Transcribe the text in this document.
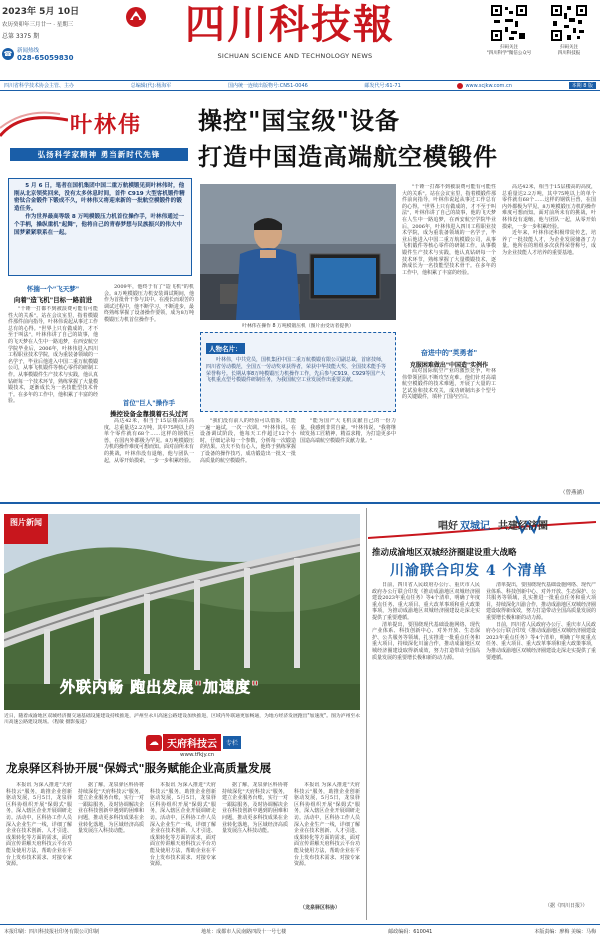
2023年 5月 10日
农历癸卯年三月廿一 · 星期三
总第 3375 期
☎ 新闻热线
028-65059830
四川科技報
SICHUAN SCIENCE AND TECHNOLOGY NEWS
扫码关注
"四川科学"微信公众号
扫码关注
四川科技报
四川省科学技术协会主管、主办	总编辑(代):杨海军	国内统一连续出版物号:CN51-0046	邮发代号:61-71	www.scjkw.com.cn	本期 8 版
叶林伟
弘扬科学家精神 勇当新时代先锋
操控"国宝级"设备
打造中国造高端航空模锻件

5 月 6 日，笔者在国机集团中国二重万航模锻见到叶林伟时，他刚从北京领奖回来，没有太多休息时间，首件 C919 大型客机锻件精密钛合金锻件下锻成不久，叶林伟又将迎来新的一批航空模锻件的锻造任务。

作为世界最高等级 8 万吨模锻压力机首位操作手，叶林伟通过一个手柄，操纵重机"起舞"，他将自己的青春梦想与民族振兴的伟大中国梦紧紧联系在一起。

怀揣一个"飞天梦"
向着"造飞机"目标一路前进

"千锤一打都不到被浪费可能有可能性大的关系"。站在会议室里，指着模锻件那件前向指导，叶林伟说起从事过工作总有的心得。"世界上只有做成的，才不至于叫法"，叶林伟讲了自己的故事，他的飞天梦在人生中一路追梦，在西安航空学院毕业后，2006年，叶林伟进入四川工程职业技术学院，成为重装备领域的一名学子，毕业后他进入中国二重万航模锻公司，从事飞机锻件等核心零件的研制工作。从事模锻件生产技术与实践，他认真钻研每一个技术环节，熟练掌握了大量模锻技术，逐渐成长为一名技能型技术骨干。在多年的工作中，他积累了丰富的经验。

2009年，他终于有了"造飞机"的机会。8万吨模锻压力机安装调试期间，他作为首批骨干参与其中。在漫长而艰苦的调试过程中，他不断学习、不断进步，最终熟练掌握了设备操作要领，成为8万吨模锻压力机首位操作手。

首位"巨人"操作手
操控设备金靠摸着石头过河

高达42米，相当于15层楼高的高度，总重量达2.2万吨，其中75吨以上的单个零件就有68个……这样的钢铁巨兽，在国内外都极为罕见。8万吨模锻压力机的操作难度可想而知。面对前所未有的挑战，叶林伟没有退缩，他与团队一起，从零开始摸索，一步一步积累经验。

叶林伟在操作 8 万吨模锻压机（图片由受访者提供）
人物名片：

叶林伟，中共党员，国机集团中国二重万航模锻有限公司副总裁，首席技师，四川省劳动模范，全国五一劳动奖章获得者，荣获中华技能大奖、全国技术能手等荣誉称号。长期从事8万吨模锻压力机操作工作，先后参与C919、C929等国产大飞机重点型号模锻件研制任务，为我国航空工业发展作出重要贡献。

"我们没有前人的经验可以借鉴，只能一遍一遍试，一次一次调。"叶林伟说。在设备调试阶段，他每天工作超过12个小时，仔细记录每一个参数，分析每一次锻造的结果。功夫不负有心人，他终于熟练掌握了设备的操作技巧，成功锻造出一批又一批高质量的航空模锻件。

"能为国产大飞机贡献自己的一份力量，我感到非常自豪。"叶林伟说，"我将继续发扬工匠精神，精益求精，为打造更多中国造高端航空模锻件贡献力量。"

"千锤一打都不到被浪费可能有可能性大的关系"。站在会议室里，指着模锻件那件前向指导，叶林伟说起从事过工作总有的心得。"世界上只有做成的，才不至于叫法"，叶林伟讲了自己的故事，他的飞天梦在人生中一路追梦，在西安航空学院毕业后，2006年，叶林伟进入四川工程职业技术学院，成为重装备领域的一名学子，毕业后他进入中国二重万航模锻公司，从事飞机锻件等核心零件的研制工作。从事模锻件生产技术与实践，他认真钻研每一个技术环节，熟练掌握了大量模锻技术，逐渐成长为一名技能型技术骨干。在多年的工作中，他积累了丰富的经验。

奋进中的"英勇者"
克服困难做出"中国造"实例作

面对国际航空产业的激烈竞争，叶林伟带领团队不断攻坚克难。他们针对高端航空模锻件的技术难题，开展了大量的工艺试验和技术攻关，成功研制出多个型号的关键锻件，填补了国内空白。

高达42米，相当于15层楼高的高度，总重量达2.2万吨，其中75吨以上的单个零件就有68个……这样的钢铁巨兽，在国内外都极为罕见。8万吨模锻压力机的操作难度可想而知。面对前所未有的挑战，叶林伟没有退缩，他与团队一起，从零开始摸索，一步一步积累经验。

近年来，叶林伟还积极带徒传艺，培养了一批技能人才，为企业发展储备了力量。他所在的班组多次获得荣誉称号，成为企业技能人才培养的重要基地。

（曾燕涵）
图片新闻
外联内畅 跑出发展"加速度"
近日，随着成渝地区双城经济圈交通基础设施建设持续推进，泸州至永川高速公路建设加快推进，区域内外联通更加畅通，为地方经济发展跑出"加速度"。图为泸州至永川高速公路建设现场。（程敏 摄影报道）
唱好 双城记 共建经济圈
推动成渝地区双城经济圈建设重大战略
川渝联合印发 4 个清单

日前，四川省人民政府办公厅、重庆市人民政府办公厅联合印发《推动成渝地区双城经济圈建设2023年重点任务》等4个清单，明确了年度重点任务、重大项目、重大改革事项和重大政策事项，为推动成渝地区双城经济圈建设走深走实提供了重要遵循。

清单提出，要围绕现代基础设施网络、现代产业体系、科技创新中心、对外开放、生态保护、公共服务等领域，扎实推进一批重点任务和重大项目，持续深化川渝合作，推动成渝地区双城经济圈建设取得新成效，努力打造带动全国高质量发展的重要增长极和新的动力源。

清单提出，要围绕现代基础设施网络、现代产业体系、科技创新中心、对外开放、生态保护、公共服务等领域，扎实推进一批重点任务和重大项目，持续深化川渝合作，推动成渝地区双城经济圈建设取得新成效，努力打造带动全国高质量发展的重要增长极和新的动力源。

日前，四川省人民政府办公厅、重庆市人民政府办公厅联合印发《推动成渝地区双城经济圈建设2023年重点任务》等4个清单，明确了年度重点任务、重大项目、重大改革事项和重大政策事项，为推动成渝地区双城经济圈建设走深走实提供了重要遵循。

（据《四川日报》）
☁ 天府科技云	专栏
www.tfkjy.cn
龙泉驿区科协开展"保姆式"服务赋能企业高质量发展

本报讯 为深入推进"天府科技云"服务，助推企业创新驱动发展，5月5日，龙泉驿区科协组织开展"保姆式"服务，深入辖区企业开展调研走访。活动中，区科协工作人员深入企业生产一线，详细了解企业在技术创新、人才引进、成果转化等方面的需求，面对面宣传讲解天府科技云平台功能及使用方法，帮助企业在平台上发布技术需求、对接专家资源。

据了解，龙泉驿区科协将持续深化"天府科技云"服务，建立企业服务台账，实行一对一跟踪服务，及时协调解决企业在科技创新中遇到的困难和问题，推动更多科技成果在企业转化落地，为区域经济高质量发展注入科技动能。

本报讯 为深入推进"天府科技云"服务，助推企业创新驱动发展，5月5日，龙泉驿区科协组织开展"保姆式"服务，深入辖区企业开展调研走访。活动中，区科协工作人员深入企业生产一线，详细了解企业在技术创新、人才引进、成果转化等方面的需求，面对面宣传讲解天府科技云平台功能及使用方法，帮助企业在平台上发布技术需求、对接专家资源。

据了解，龙泉驿区科协将持续深化"天府科技云"服务，建立企业服务台账，实行一对一跟踪服务，及时协调解决企业在科技创新中遇到的困难和问题，推动更多科技成果在企业转化落地，为区域经济高质量发展注入科技动能。

本报讯 为深入推进"天府科技云"服务，助推企业创新驱动发展，5月5日，龙泉驿区科协组织开展"保姆式"服务，深入辖区企业开展调研走访。活动中，区科协工作人员深入企业生产一线，详细了解企业在技术创新、人才引进、成果转化等方面的需求，面对面宣传讲解天府科技云平台功能及使用方法，帮助企业在平台上发布技术需求、对接专家资源。

（龙泉驿区科协）
本报印刷：四川科技报社印务有限公司印制	地址：成都市人民南路四段十一号七楼	邮政编码：610041	本版责编：廖梅 美编：马梅
